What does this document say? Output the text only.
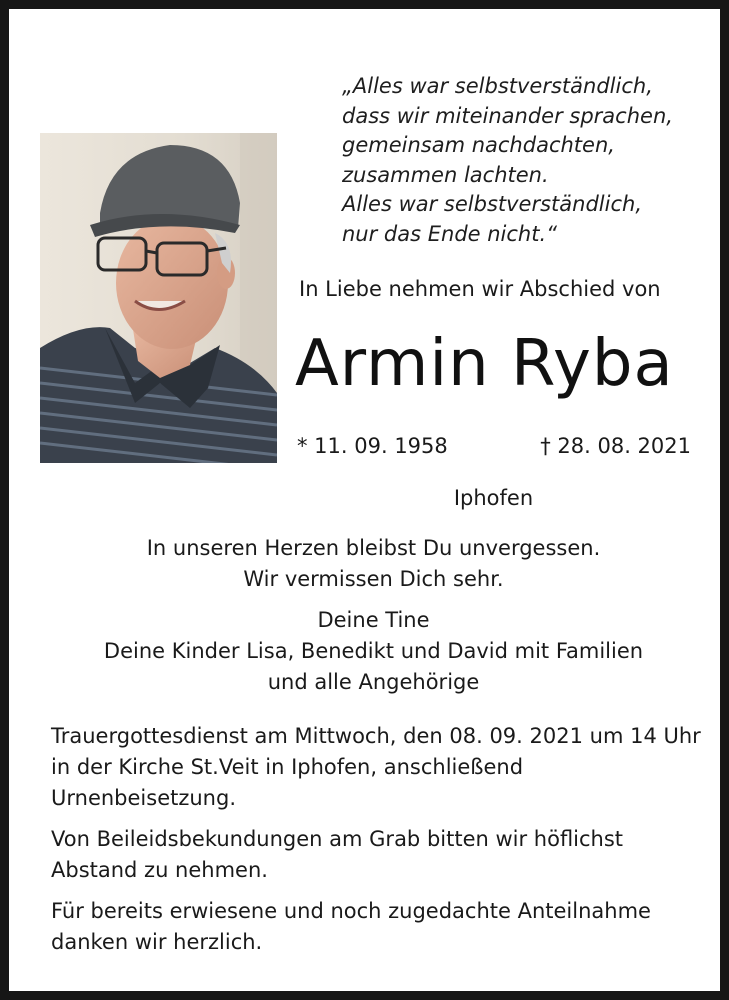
„Alles war selbstverständlich,
dass wir miteinander sprachen,
gemeinsam nachdachten,
zusammen lachten.
Alles war selbstverständlich,
nur das Ende nicht.“
In Liebe nehmen wir Abschied von
Armin Ryba
* 11. 09. 1958	† 28. 08. 2021
Iphofen
In unseren Herzen bleibst Du unvergessen.
Wir vermissen Dich sehr.
Deine Tine
Deine Kinder Lisa, Benedikt und David mit Familien
und alle Angehörige

Trauergottesdienst am Mittwoch, den 08. 09. 2021 um 14 Uhr in der Kirche St.Veit in Iphofen, anschließend Urnenbeisetzung.

Von Beileidsbekundungen am Grab bitten wir höflichst Abstand zu nehmen.

Für bereits erwiesene und noch zugedachte Anteilnahme danken wir herzlich.
